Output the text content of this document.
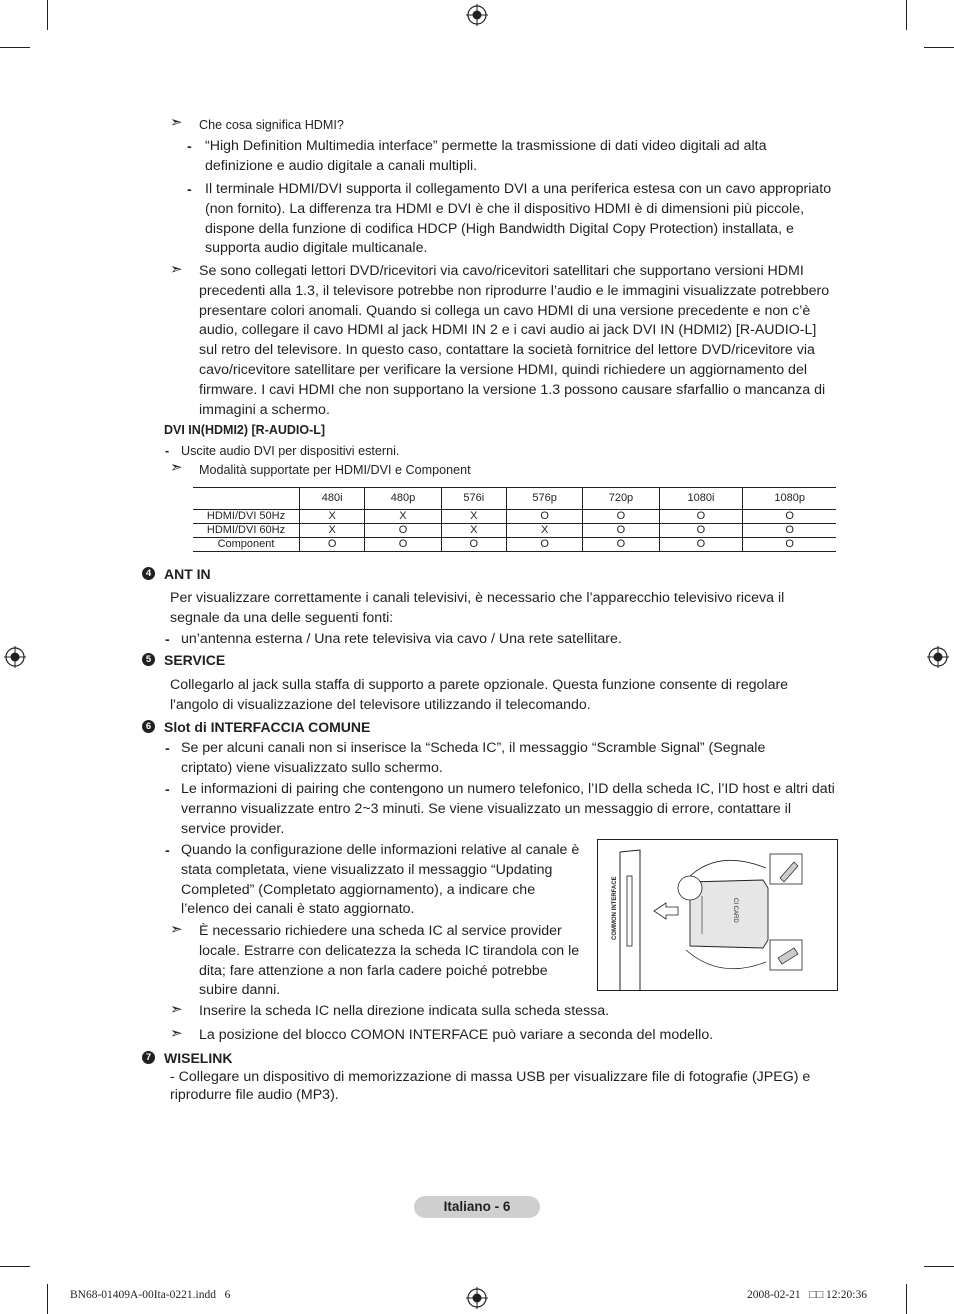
➣ Che cosa significa HDMI?
- “High Definition Multimedia interface” permette la trasmissione di dati video digitali ad alta definizione e audio digitale a canali multipli.
- Il terminale HDMI/DVI supporta il collegamento DVI a una periferica estesa con un cavo appropriato (non fornito). La differenza tra HDMI e DVI è che il dispositivo HDMI è di dimensioni più piccole, dispone della funzione di codifica HDCP (High Bandwidth Digital Copy Protection) installata, e supporta audio digitale multicanale.
➣ Se sono collegati lettori DVD/ricevitori via cavo/ricevitori satellitari che supportano versioni HDMI precedenti alla 1.3, il televisore potrebbe non riprodurre l’audio e le immagini visualizzate potrebbero presentare colori anomali. Quando si collega un cavo HDMI di una versione precedente e non c’è audio, collegare il cavo HDMI al jack HDMI IN 2 e i cavi audio ai jack DVI IN (HDMI2) [R-AUDIO-L] sul retro del televisore. In questo caso, contattare la società fornitrice del lettore DVD/ricevitore via cavo/ricevitore satellitare per verificare la versione HDMI, quindi richiedere un aggiornamento del firmware. I cavi HDMI che non supportano la versione 1.3 possono causare sfarfallio o mancanza di immagini a schermo.
DVI IN(HDMI2) [R-AUDIO-L]
- Uscite audio DVI per dispositivi esterni.
➣ Modalità supportate per HDMI/DVI e Component
	480i	480p	576i	576p	720p	1080i	1080p
HDMI/DVI 50Hz	X	X	X	O	O	O	O
HDMI/DVI 60Hz	X	O	X	X	O	O	O
Component	O	O	O	O	O	O	O
4 ANT IN
Per visualizzare correttamente i canali televisivi, è necessario che l’apparecchio televisivo riceva il segnale da una delle seguenti fonti:
- un’antenna esterna / Una rete televisiva via cavo / Una rete satellitare.
5 SERVICE
Collegarlo al jack sulla staffa di supporto a parete opzionale. Questa funzione consente di regolare l'angolo di visualizzazione del televisore utilizzando il telecomando.
6 Slot di INTERFACCIA COMUNE
- Se per alcuni canali non si inserisce la “Scheda IC”, il messaggio “Scramble Signal” (Segnale criptato) viene visualizzato sullo schermo.
- Le informazioni di pairing che contengono un numero telefonico, l’ID della scheda IC, l’ID host e altri dati verranno visualizzate entro 2~3 minuti. Se viene visualizzato un messaggio di errore, contattare il service provider.
- Quando la configurazione delle informazioni relative al canale è stata completata, viene visualizzato il messaggio “Updating Completed” (Completato aggiornamento), a indicare che l’elenco dei canali è stato aggiornato.
➣ È necessario richiedere una scheda IC al service provider locale. Estrarre con delicatezza la scheda IC tirandola con le dita; fare attenzione a non farla cadere poiché potrebbe subire danni.
➣ Inserire la scheda IC nella direzione indicata sulla scheda stessa.
➣ La posizione del blocco COMON INTERFACE può variare a seconda del modello.
COMMON INTERFACE	CI CARD
7 WISELINK
- Collegare un dispositivo di memorizzazione di massa USB per visualizzare file di fotografie (JPEG) e riprodurre file audio (MP3).
Italiano - 6
BN68-01409A-00Ita-0221.indd   6	2008-02-21   □□ 12:20:36
